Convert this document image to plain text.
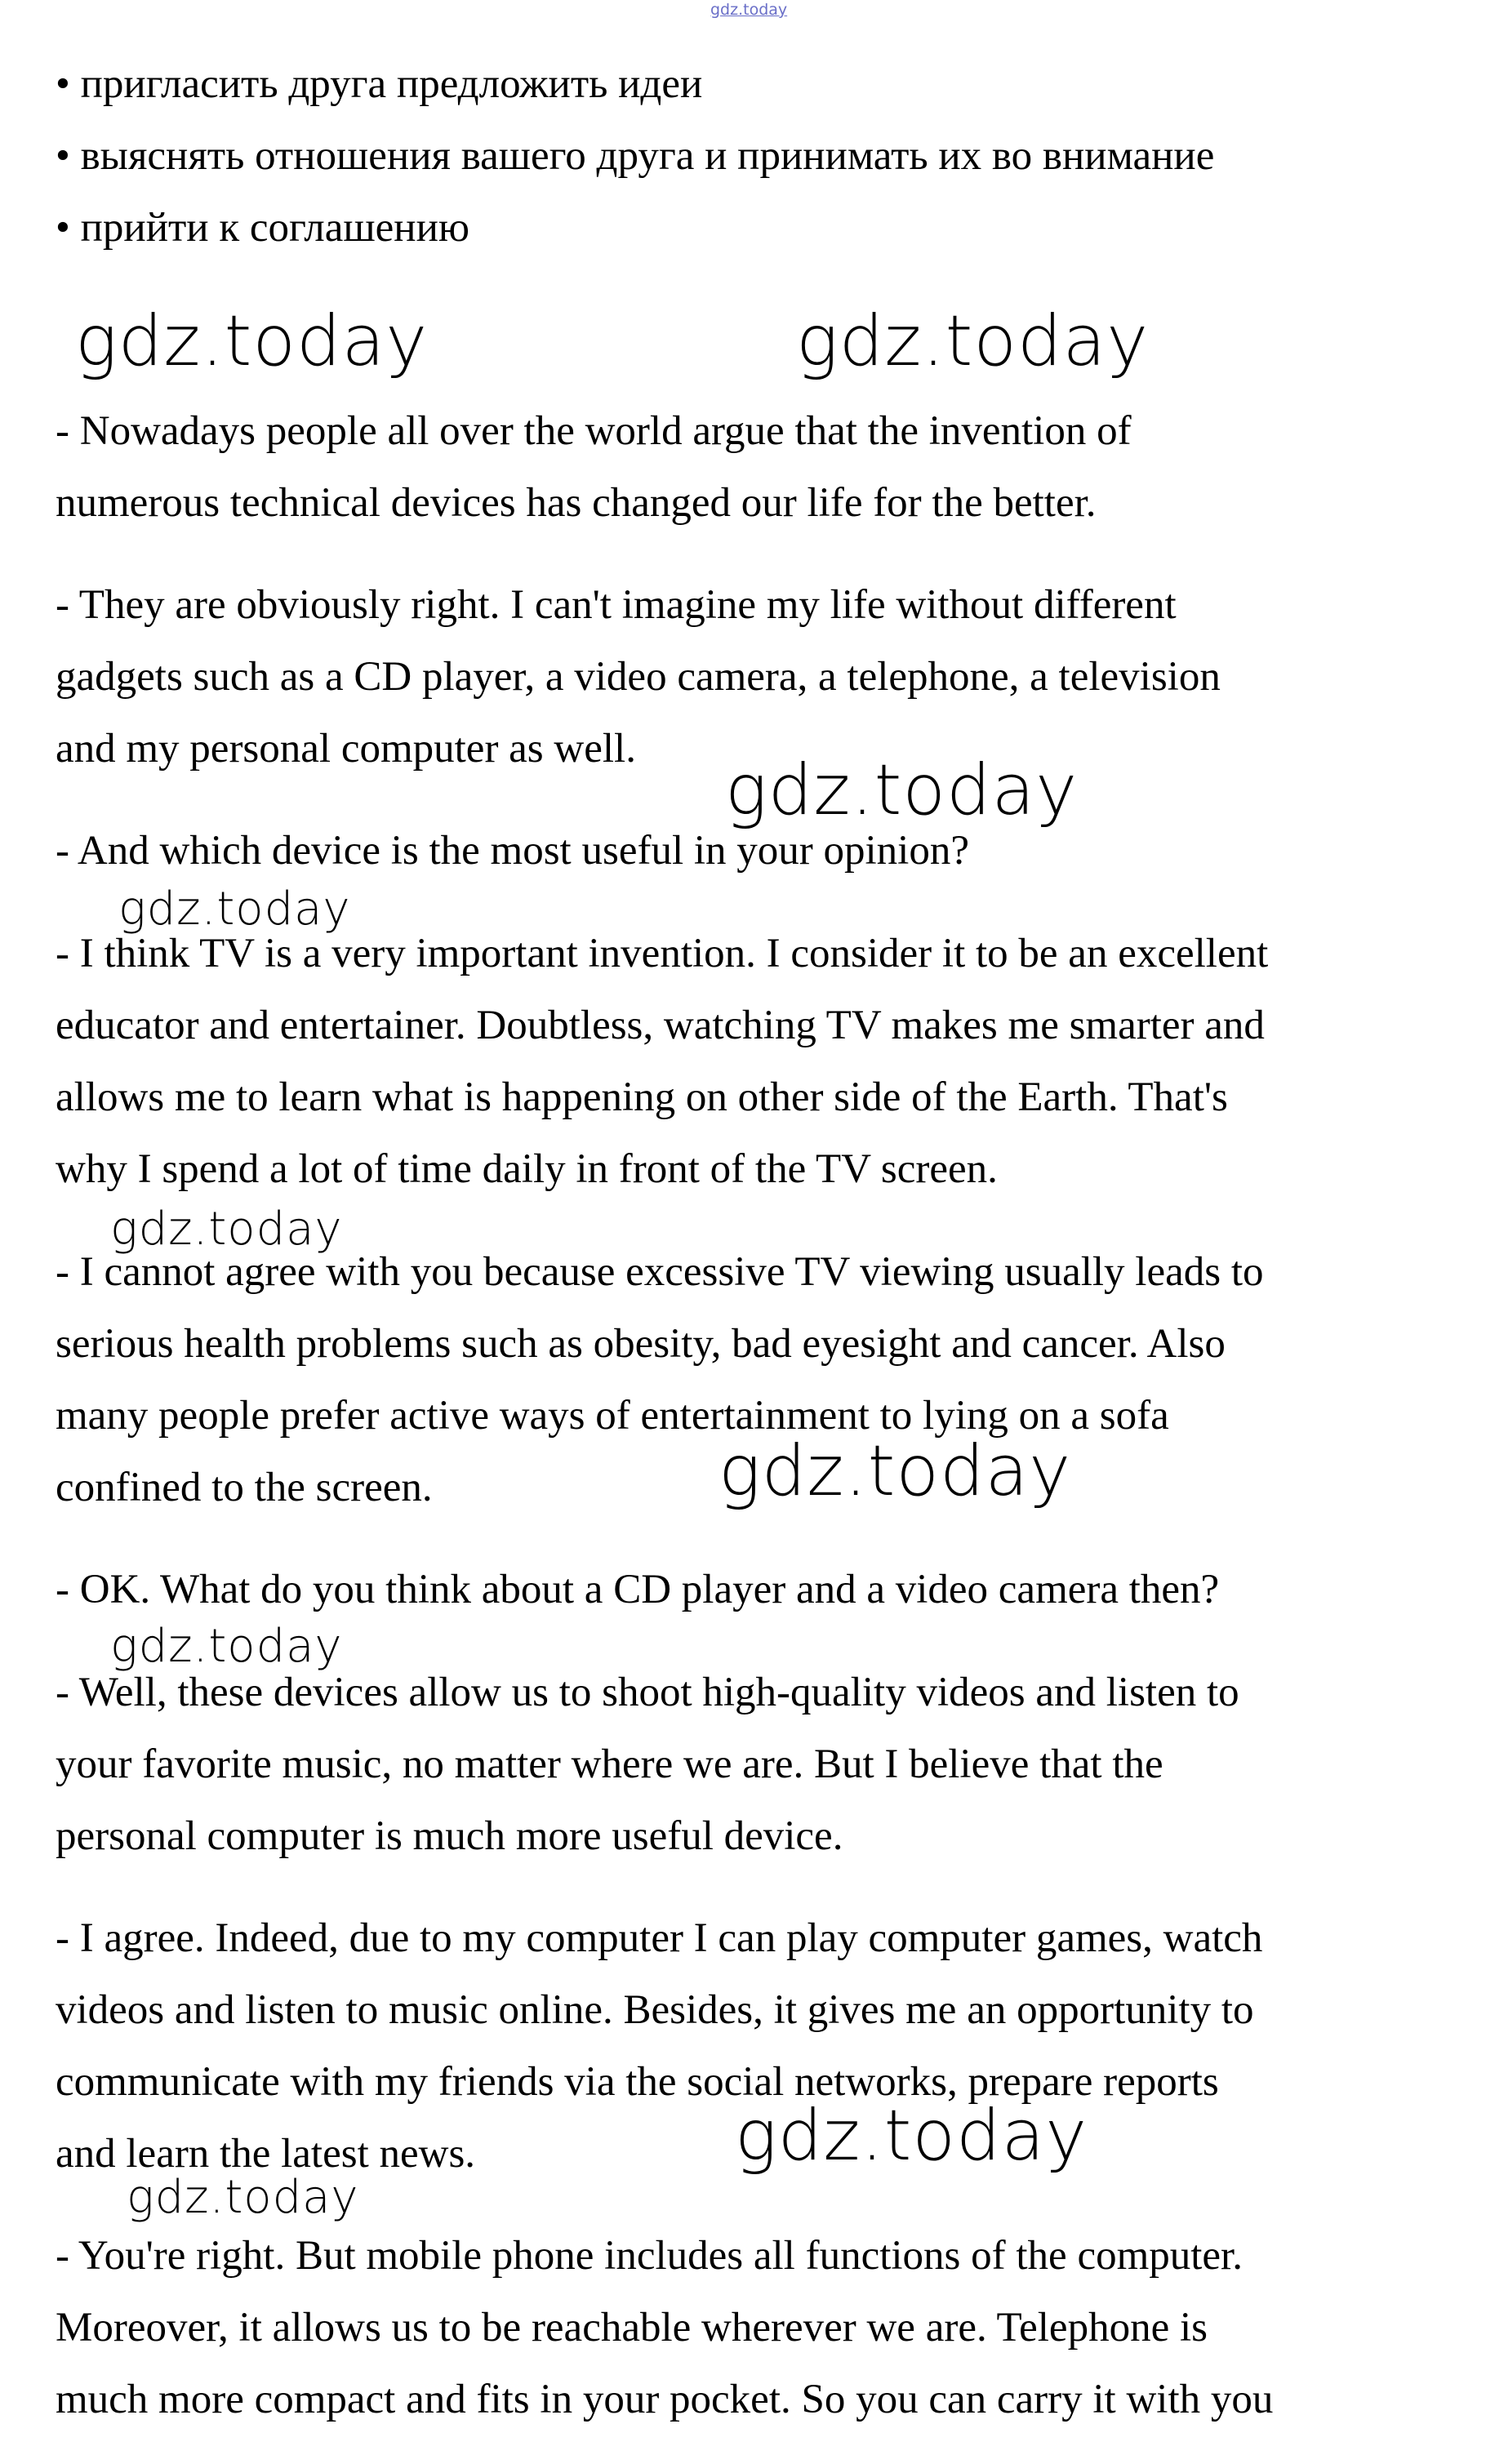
gdz.today

• пригласить друга предложить идеи

• выяснять отношения вашего друга и принимать их во внимание

• прийти к соглашению

- Nowadays people all over the world argue that the invention of

numerous technical devices has changed our life for the better.

- They are obviously right. I can't imagine my life without different

gadgets such as a CD player, a video camera, a telephone, a television

and my personal computer as well.

- And which device is the most useful in your opinion?

- I think TV is a very important invention. I consider it to be an excellent

educator and entertainer. Doubtless, watching TV makes me smarter and

allows me to learn what is happening on other side of the Earth. That's

why I spend a lot of time daily in front of the TV screen.

- I cannot agree with you because excessive TV viewing usually leads to

serious health problems such as obesity, bad eyesight and cancer. Also

many people prefer active ways of entertainment to lying on a sofa

confined to the screen.

- OK. What do you think about a CD player and a video camera then?

- Well, these devices allow us to shoot high-quality videos and listen to

your favorite music, no matter where we are. But I believe that the

personal computer is much more useful device.

- I agree. Indeed, due to my computer I can play computer games, watch

videos and listen to music online. Besides, it gives me an opportunity to

communicate with my friends via the social networks, prepare reports

and learn the latest news.

- You're right. But mobile phone includes all functions of the computer.

Moreover, it allows us to be reachable wherever we are. Telephone is

much more compact and fits in your pocket. So you can carry it with you

gdz.today	gdz.today
gdz.today
gdz.today
gdz.today
gdz.today
gdz.today
gdz.today
gdz.today
